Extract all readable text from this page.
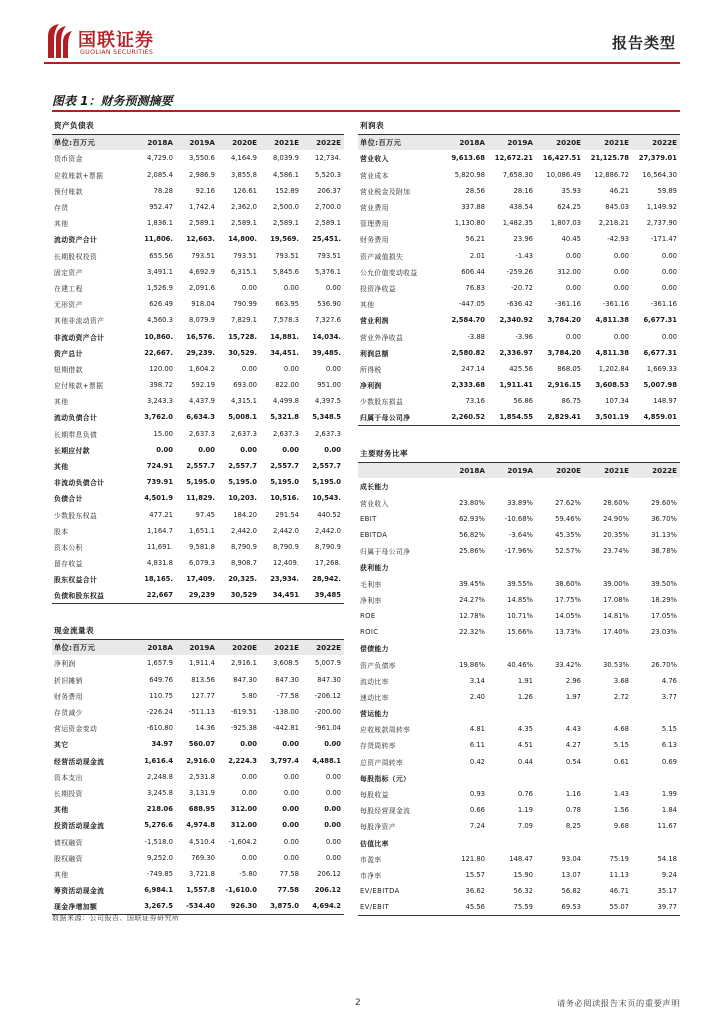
国联证券
GUOLIAN SECURITIES
报告类型
图表 1：财务预测摘要
资产负债表					
单位:百万元	2018A	2019A	2020E	2021E	2022E
货币资金	4,729.0	3,550.6	4,164.9	8,039.9	12,734.
应收账款+票据	2,085.4	2,986.9	3,855.8	4,586.1	5,520.3
预付账款	78.28	92.16	126.61	152.89	206.37
存货	952.47	1,742.4	2,362.0	2,500.0	2,700.0
其他	1,836.1	2,589.1	2,589.1	2,589.1	2,589.1
流动资产合计	11,806.	12,663.	14,800.	19,569.	25,451.
长期股权投资	655.56	793.51	793.51	793.51	793.51
固定资产	3,491.1	4,692.9	6,315.1	5,845.6	5,376.1
在建工程	1,526.9	2,091.6	0.00	0.00	0.00
无形资产	626.49	918.04	790.99	663.95	536.90
其他非流动资产	4,560.3	8,079.9	7,829.1	7,578.3	7,327.6
非流动资产合计	10,860.	16,576.	15,728.	14,881.	14,034.
资产总计	22,667.	29,239.	30,529.	34,451.	39,485.
短期借款	120.00	1,604.2	0.00	0.00	0.00
应付账款+票据	398.72	592.19	693.00	822.00	951.00
其他	3,243.3	4,437.9	4,315.1	4,499.8	4,397.5
流动负债合计	3,762.0	6,634.3	5,008.1	5,321.8	5,348.5
长期带息负债	15.00	2,637.3	2,637.3	2,637.3	2,637.3
长期应付款	0.00	0.00	0.00	0.00	0.00
其他	724.91	2,557.7	2,557.7	2,557.7	2,557.7
非流动负债合计	739.91	5,195.0	5,195.0	5,195.0	5,195.0
负债合计	4,501.9	11,829.	10,203.	10,516.	10,543.
少数股东权益	477.21	97.45	184.20	291.54	440.52
股本	1,164.7	1,651.1	2,442.0	2,442.0	2,442.0
资本公积	11,691.	9,581.8	8,790.9	8,790.9	8,790.9
留存收益	4,831.8	6,079.3	8,908.7	12,409.	17,268.
股东权益合计	18,165.	17,409.	20,325.	23,934.	28,942.
负债和股东权益	22,667	29,239	30,529	34,451	39,485
现金流量表					
单位:百万元	2018A	2019A	2020E	2021E	2022E
净利润	1,657.9	1,911.4	2,916.1	3,608.5	5,007.9
折旧摊销	649.76	813.56	847.30	847.30	847.30
财务费用	110.75	127.77	5.80	-77.58	-206.12
存货减少	-226.24	-511.13	-619.51	-138.00	-200.00
营运资金变动	-610.80	14.36	-925.38	-442.81	-961.04
其它	34.97	560.07	0.00	0.00	0.00
经营活动现金流	1,616.4	2,916.0	2,224.3	3,797.4	4,488.1
资本支出	2,248.8	2,531.8	0.00	0.00	0.00
长期投资	3,245.8	3,131.9	0.00	0.00	0.00
其他	218.06	688.95	312.00	0.00	0.00
投资活动现金流	5,276.6	4,974.8	312.00	0.00	0.00
债权融资	-1,518.0	4,510.4	-1,604.2	0.00	0.00
股权融资	9,252.0	769.30	0.00	0.00	0.00
其他	-749.85	3,721.8	-5.80	77.58	206.12
筹资活动现金流	6,984.1	1,557.8	-1,610.0	77.58	206.12
现金净增加额	3,267.5	-534.40	926.30	3,875.0	4,694.2
利润表					
单位:百万元	2018A	2019A	2020E	2021E	2022E
营业收入	9,613.68	12,672.21	16,427.51	21,125.78	27,379.01
营业成本	5,820.98	7,658.30	10,086.49	12,886.72	16,564.30
营业税金及附加	28.56	28.16	35.93	46.21	59.89
营业费用	337.88	438.54	624.25	845.03	1,149.92
管理费用	1,130.80	1,482.35	1,807.03	2,218.21	2,737.90
财务费用	56.21	23.96	40.45	-42.93	-171.47
资产减值损失	2.01	-1.43	0.00	0.00	0.00
公允价值变动收益	606.44	-259.26	312.00	0.00	0.00
投资净收益	76.83	-20.72	0.00	0.00	0.00
其他	-447.05	-636.42	-361.16	-361.16	-361.16
营业利润	2,584.70	2,340.92	3,784.20	4,811.38	6,677.31
营业外净收益	-3.88	-3.96	0.00	0.00	0.00
利润总额	2,580.82	2,336.97	3,784.20	4,811.38	6,677.31
所得税	247.14	425.56	868.05	1,202.84	1,669.33
净利润	2,333.68	1,911.41	2,916.15	3,608.53	5,007.98
少数股东损益	73.16	56.86	86.75	107.34	148.97
归属于母公司净	2,260.52	1,854.55	2,829.41	3,501.19	4,859.01
主要财务比率					
	2018A	2019A	2020E	2021E	2022E
成长能力					
营业收入	23.80%	33.89%	27.62%	28.60%	29.60%
EBIT	62.93%	-10.68%	59.46%	24.90%	36.70%
EBITDA	56.82%	-3.64%	45.35%	20.35%	31.13%
归属于母公司净	25.86%	-17.96%	52.57%	23.74%	38.78%
获利能力					
毛利率	39.45%	39.55%	38.60%	39.00%	39.50%
净利率	24.27%	14.85%	17.75%	17.08%	18.29%
ROE	12.78%	10.71%	14.05%	14.81%	17.05%
ROIC	22.32%	15.66%	13.73%	17.40%	23.03%
偿债能力					
资产负债率	19.86%	40.46%	33.42%	30.53%	26.70%
流动比率	3.14	1.91	2.96	3.68	4.76
速动比率	2.40	1.26	1.97	2.72	3.77
营运能力					
应收账款周转率	4.81	4.35	4.43	4.68	5.15
存货周转率	6.11	4.51	4.27	5.15	6.13
总资产周转率	0.42	0.44	0.54	0.61	0.69
每股指标（元）					
每股收益	0.93	0.76	1.16	1.43	1.99
每股经营现金流	0.66	1.19	0.78	1.56	1.84
每股净资产	7.24	7.09	8.25	9.68	11.67
估值比率					
市盈率	121.80	148.47	93.04	75.19	54.18
市净率	15.57	15.90	13.07	11.13	9.24
EV/EBITDA	36.62	56.32	56.82	46.71	35.17
EV/EBIT	45.56	75.59	69.53	55.07	39.77
数据来源：公司报告、国联证券研究所
2	请务必阅读报告末页的重要声明
